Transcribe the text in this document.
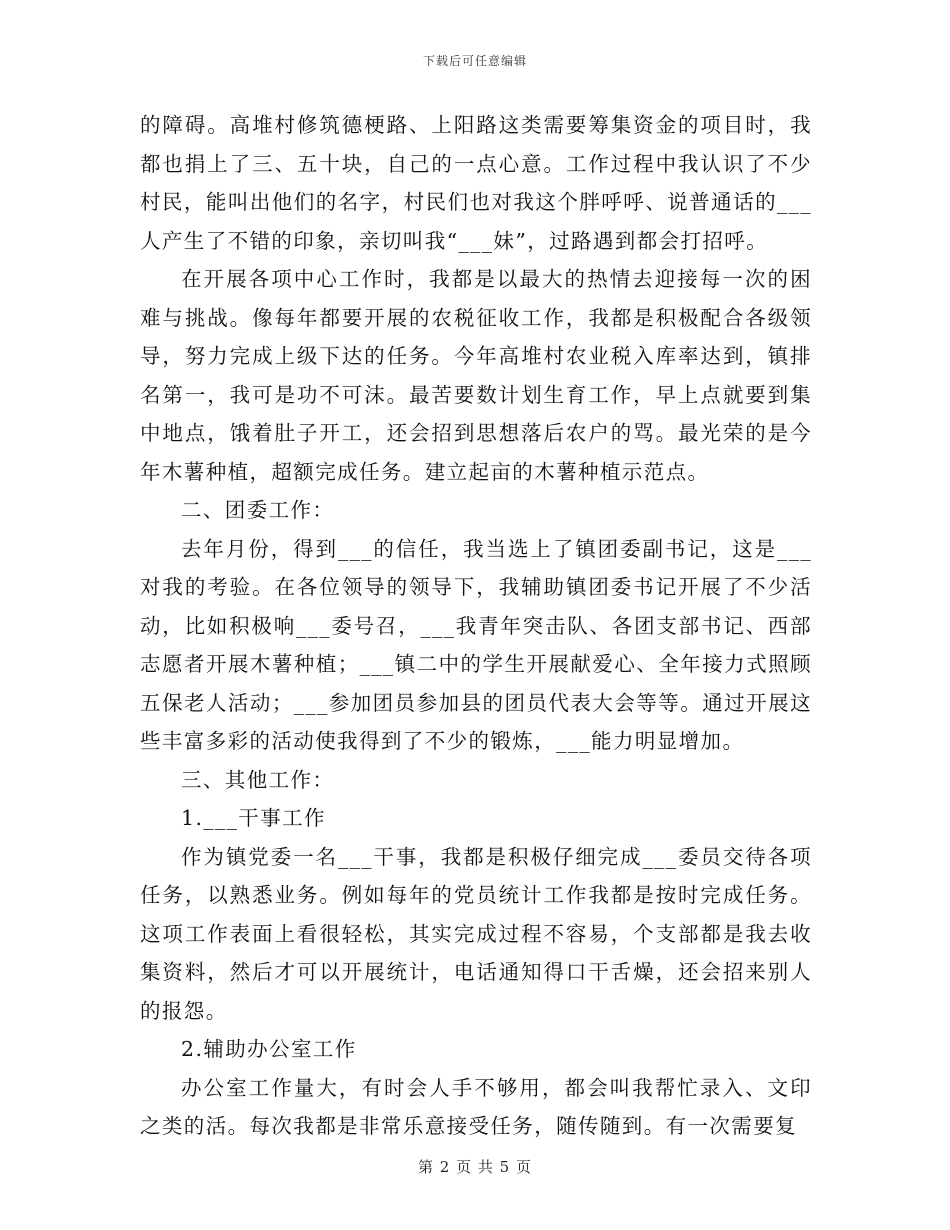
下载后可任意编辑

的障碍。高堆村修筑德梗路、上阳路这类需要筹集资金的项目时，我都也捐上了三、五十块，自己的一点心意。工作过程中我认识了不少村民，能叫出他们的名字，村民们也对我这个胖呼呼、说普通话的___人产生了不错的印象，亲切叫我“___妹”，过路遇到都会打招呼。

在开展各项中心工作时，我都是以最大的热情去迎接每一次的困难与挑战。像每年都要开展的农税征收工作，我都是积极配合各级领导，努力完成上级下达的任务。今年高堆村农业税入库率达到，镇排名第一，我可是功不可沫。最苦要数计划生育工作，早上点就要到集中地点，饿着肚子开工，还会招到思想落后农户的骂。最光荣的是今年木薯种植，超额完成任务。建立起亩的木薯种植示范点。

二、团委工作：

去年月份，得到___的信任，我当选上了镇团委副书记，这是___对我的考验。在各位领导的领导下，我辅助镇团委书记开展了不少活动，比如积极响___委号召，___我青年突击队、各团支部书记、西部志愿者开展木薯种植；___镇二中的学生开展献爱心、全年接力式照顾五保老人活动；___参加团员参加县的团员代表大会等等。通过开展这些丰富多彩的活动使我得到了不少的锻炼，___能力明显增加。

三、其他工作：

1.___干事工作

作为镇党委一名___干事，我都是积极仔细完成___委员交待各项任务，以熟悉业务。例如每年的党员统计工作我都是按时完成任务。这项工作表面上看很轻松，其实完成过程不容易，个支部都是我去收集资料，然后才可以开展统计，电话通知得口干舌燥，还会招来别人的报怨。

2.辅助办公室工作

办公室工作量大，有时会人手不够用，都会叫我帮忙录入、文印之类的活。每次我都是非常乐意接受任务，随传随到。有一次需要复

第 2 页 共 5 页
